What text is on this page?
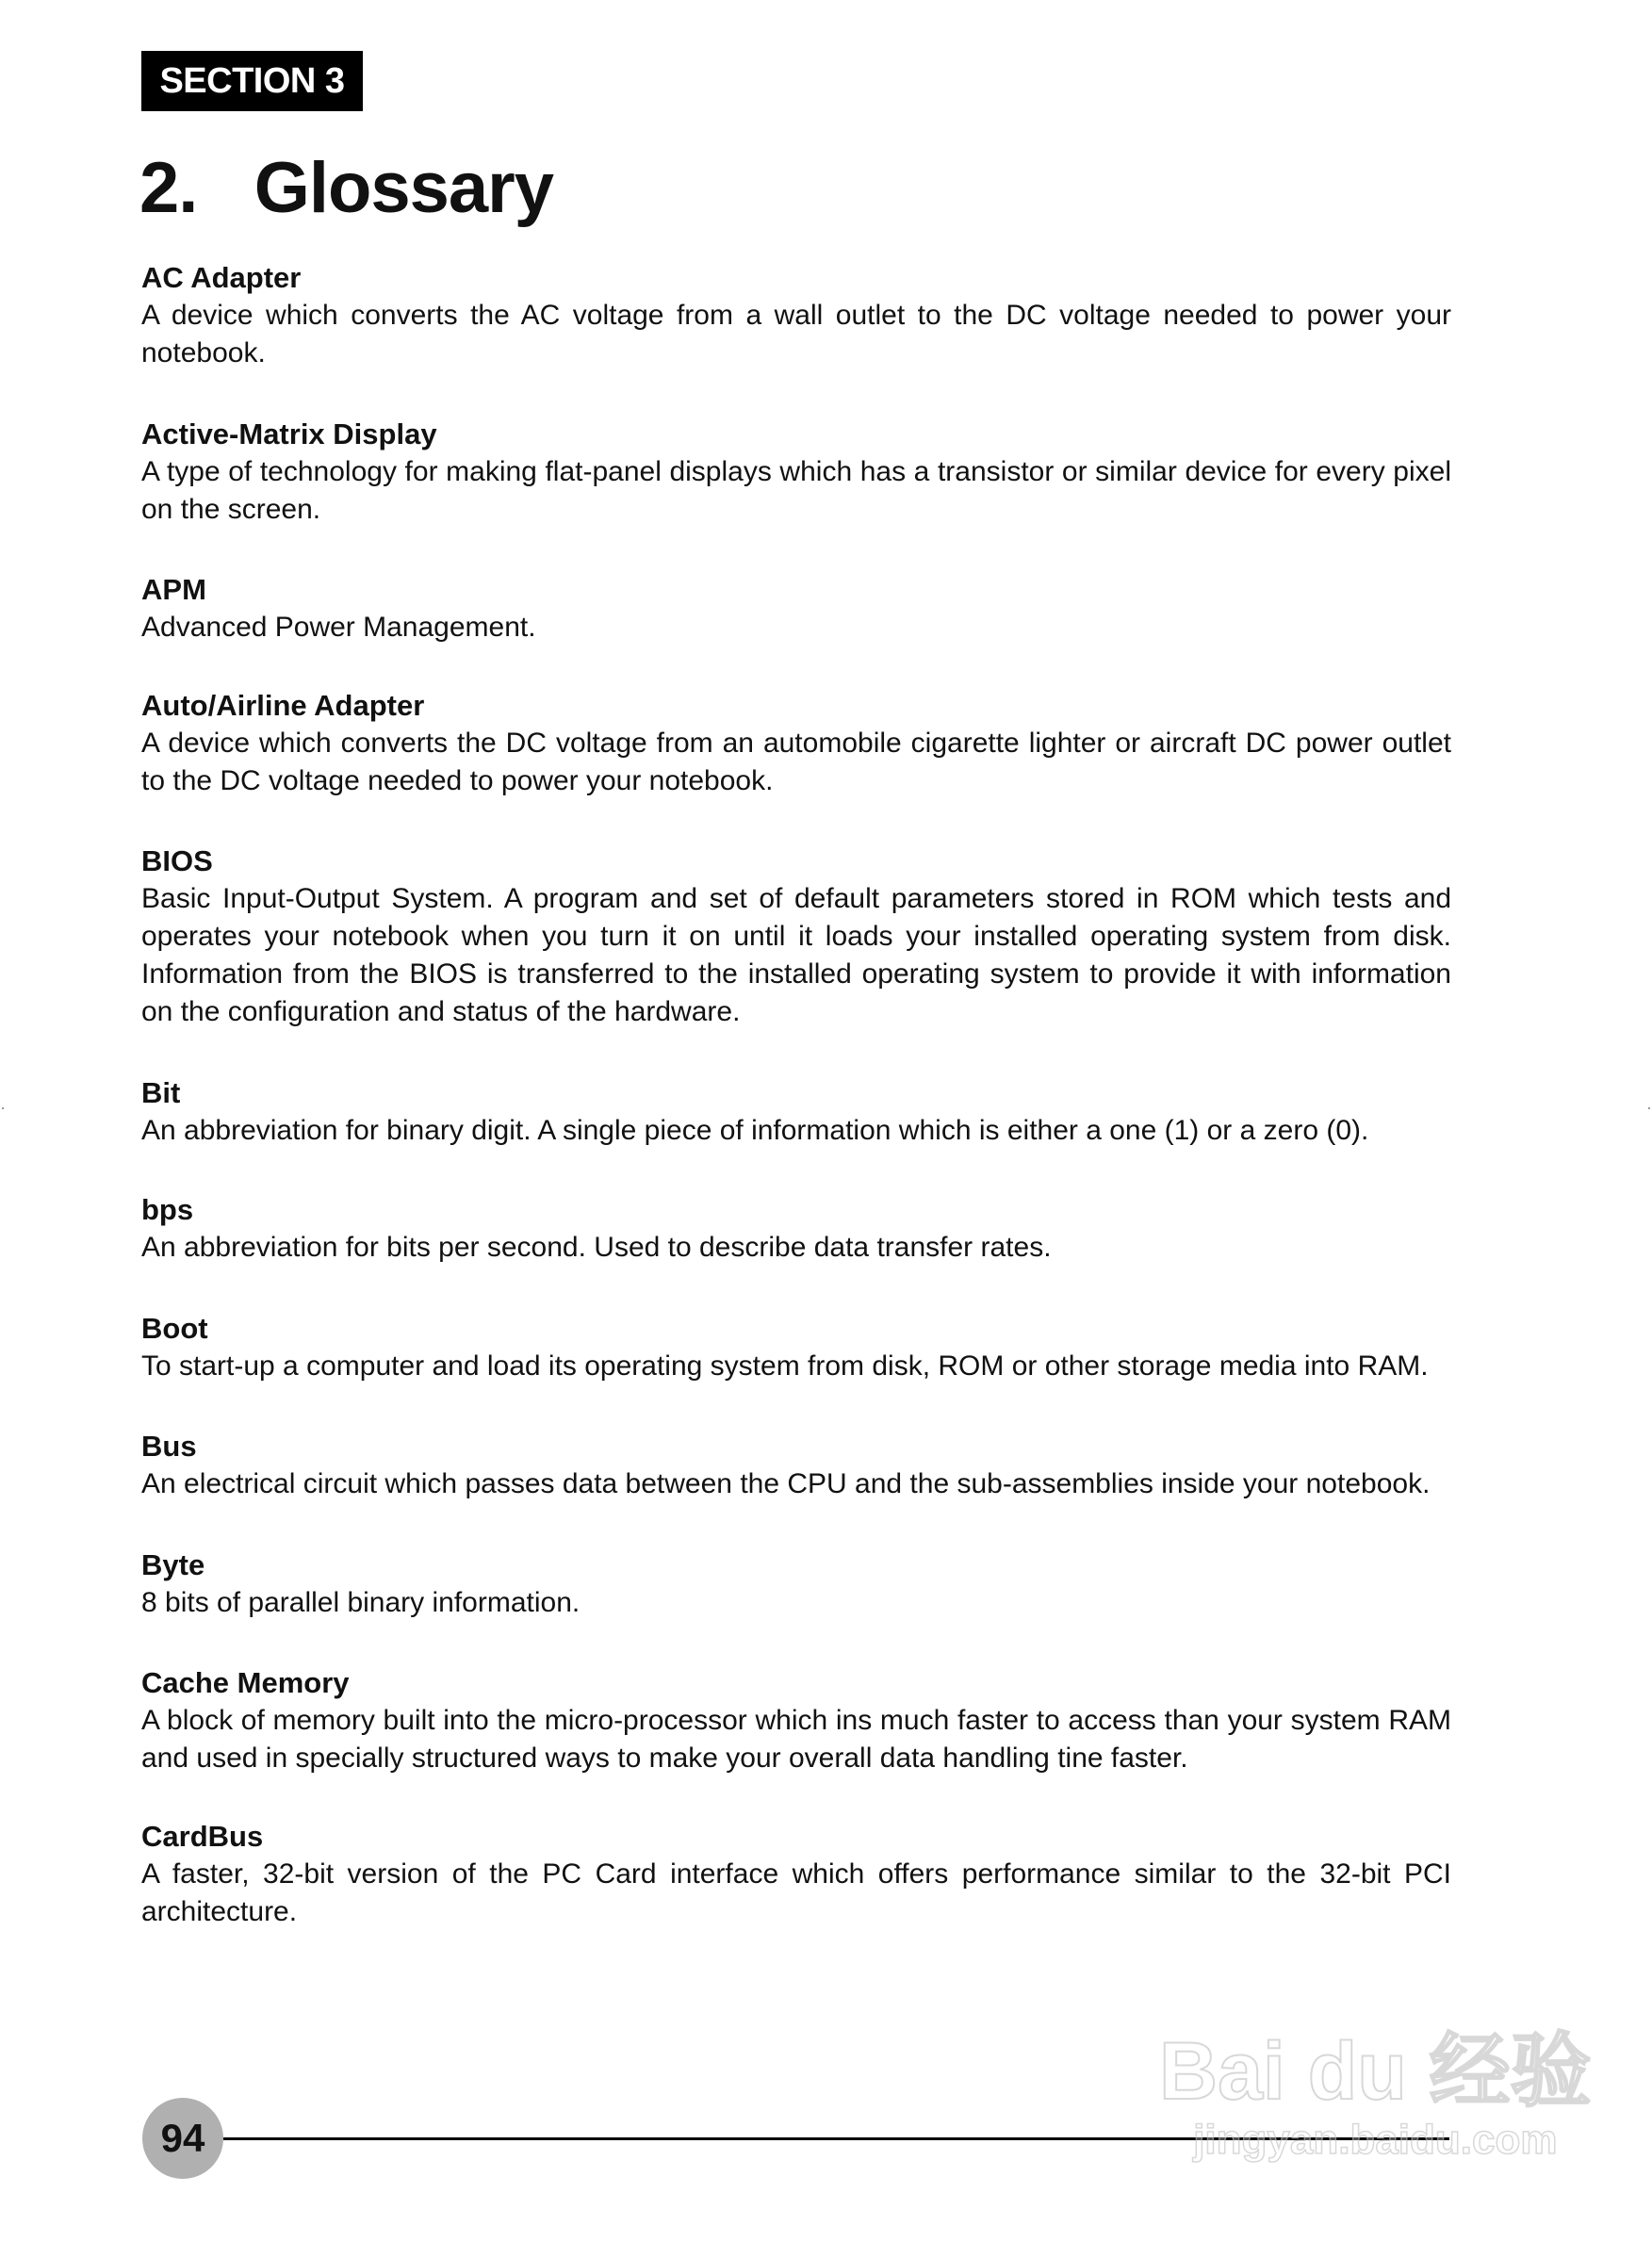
SECTION 3
2.   Glossary
AC Adapter
A device which converts the AC voltage from a wall outlet to the DC voltage needed to power your notebook.
Active-Matrix Display
A type of technology for making flat-panel displays which has a transistor or similar device for every pixel on the screen.
APM
Advanced Power Management.
Auto/Airline Adapter
A device which converts the DC voltage from an automobile cigarette lighter or aircraft DC power outlet to the DC voltage needed to power your notebook.
BIOS
Basic Input-Output System. A program and set of default parameters stored in ROM which tests and operates your notebook when you turn it on until it loads your installed operating system from disk. Information from the BIOS is transferred to the installed operating system to provide it with information on the configuration and status of the hardware.
Bit
An abbreviation for binary digit. A single piece of information which is either a one (1) or a zero (0).
bps
An abbreviation for bits per second. Used to describe data transfer rates.
Boot
To start-up a computer and load its operating system from disk, ROM or other storage media into RAM.
Bus
An electrical circuit which passes data between the CPU and the sub-assemblies inside your notebook.
Byte
8 bits of parallel binary information.
Cache Memory
A block of memory built into the micro-processor which ins much faster to access than your system RAM and used in specially structured ways to make your overall data handling tine faster.
CardBus
A faster, 32-bit version of the PC Card interface which offers performance similar to the 32-bit PCI architecture.
94
Bai du 经验
jingyan.baidu.com
